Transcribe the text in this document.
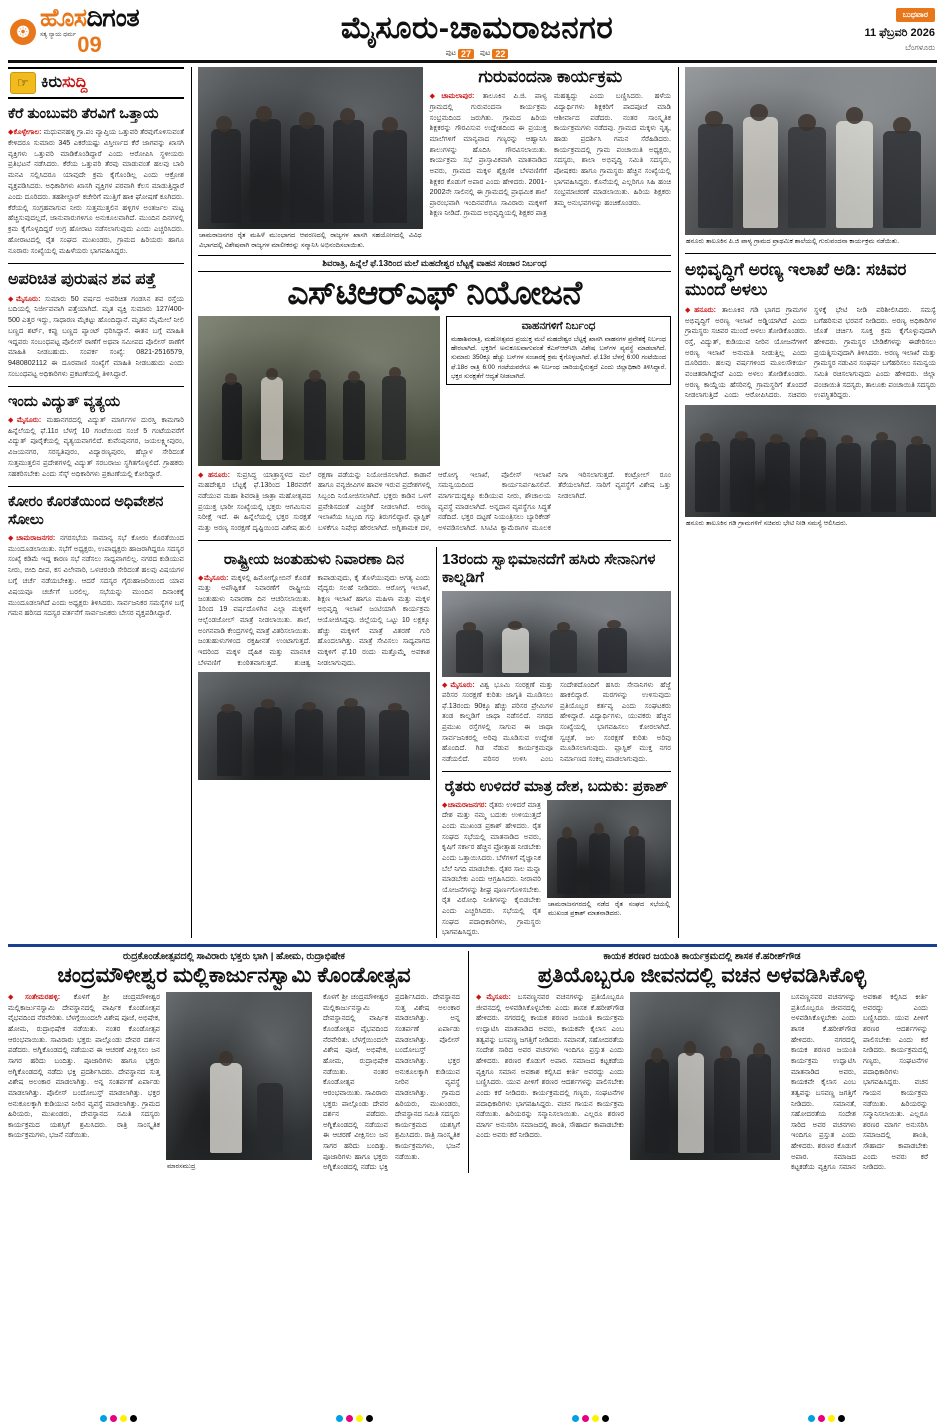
❂
ಹೊಸದಿಗಂತ
ಸತ್ಯ ನ್ಯಾಯ ಧರ್ಮ 09	ಮೈಸೂರು-ಚಾಮರಾಜನಗರ
ಪುಟ 27	ಪುಟ 22
ಬುಧವಾರ
11 ಫೆಬ್ರವರಿ 2026
ಬೆಂಗಳೂರು
☞ ಕಿರುಸುದ್ದಿ
ಕೆರೆ ತುಂಬುವರಿ ತೆರವಿಗೆ ಒತ್ತಾಯ
◆ಕೊಳ್ಳೇಗಾಲ: ಮಧುವನಹಳ್ಳಿ ಗ್ರಾ.ಪಂ ವ್ಯಾಪ್ತಿಯ ಒತ್ತುವರಿ ತೆರವುಗೊಳಿಸುವಂತೆ ಕೇಳಿದರೂ ಸುಮಾರು 345 ಎಕರೆಯಷ್ಟು ವಿಸ್ತೀರ್ಣದ ಕೆರೆ ಜಾಗವನ್ನು ಖಾಸಗಿ ವ್ಯಕ್ತಿಗಳು ಒತ್ತುವರಿ ಮಾಡಿಕೊಂಡಿದ್ದಾರೆ ಎಂದು ಆರೋಪಿಸಿ ಸ್ಥಳೀಯರು ಪ್ರತಿಭಟನೆ ನಡೆಸಿದರು. ಕೆರೆಯ ಒತ್ತುವರಿ ತೆರವು ಮಾಡುವಂತೆ ಹಲವು ಬಾರಿ ಮನವಿ ಸಲ್ಲಿಸಿದರೂ ಯಾವುದೇ ಕ್ರಮ ಕೈಗೊಂಡಿಲ್ಲ ಎಂದು ಆಕ್ರೋಶ ವ್ಯಕ್ತಪಡಿಸಿದರು. ಅಧಿಕಾರಿಗಳು ಖಾಸಗಿ ವ್ಯಕ್ತಿಗಳ ಪರವಾಗಿ ಕೆಲಸ ಮಾಡುತ್ತಿದ್ದಾರೆ ಎಂದು ದೂರಿದರು. ತಹಶೀಲ್ದಾರ್ ಕಚೇರಿಗೆ ಮುತ್ತಿಗೆ ಹಾಕಿ ಘೋಷಣೆ ಕೂಗಿದರು. ಕೆರೆಯಲ್ಲಿ ಸಂಗ್ರಹವಾಗುವ ನೀರು ಸುತ್ತಮುತ್ತಲಿನ ಹಳ್ಳಿಗಳ ಅಂತರ್ಜಲ ಮಟ್ಟ ಹೆಚ್ಚಿಸುವುದಲ್ಲದೆ, ಜಾನುವಾರುಗಳಿಗೂ ಅನುಕೂಲವಾಗಿದೆ. ಮುಂದಿನ ದಿನಗಳಲ್ಲಿ ಕ್ರಮ ಕೈಗೊಳ್ಳದಿದ್ದರೆ ಉಗ್ರ ಹೋರಾಟ ನಡೆಸಲಾಗುವುದು ಎಂದು ಎಚ್ಚರಿಸಿದರು. ಹೋರಾಟದಲ್ಲಿ ರೈತ ಸಂಘದ ಮುಖಂಡರು, ಗ್ರಾಮದ ಹಿರಿಯರು ಹಾಗೂ ನೂರಾರು ಸಂಖ್ಯೆಯಲ್ಲಿ ಮಹಿಳೆಯರು ಭಾಗವಹಿಸಿದ್ದರು.
ಅಪರಿಚಿತ ಪುರುಷನ ಶವ ಪತ್ತೆ
◆ಮೈಸೂರು: ಸುಮಾರು 50 ವರ್ಷದ ಅಪರಿಚಿತ ಗಂಡಸಿನ ಶವ ರಸ್ತೆಯ ಬದಿಯಲ್ಲಿ ನಿರ್ಜೀವವಾಗಿ ಪತ್ತೆಯಾಗಿದೆ. ಮೃತ ವ್ಯಕ್ತಿ ಸುಮಾರು 127/400-500 ಎತ್ತರ ಇದ್ದು, ಸಾಧಾರಣ ಮೈಕಟ್ಟು ಹೊಂದಿದ್ದಾನೆ. ಮೃತನ ಮೈಮೇಲೆ ನೀಲಿ ಬಣ್ಣದ ಶರ್ಟ್, ಕಪ್ಪು ಬಣ್ಣದ ಪ್ಯಾಂಟ್ ಧರಿಸಿದ್ದಾನೆ. ಈತನ ಬಗ್ಗೆ ಮಾಹಿತಿ ಇದ್ದವರು ಸಂಬಂಧಪಟ್ಟ ಪೊಲೀಸ್ ಠಾಣೆಗೆ ಅಥವಾ ಸಮೀಪದ ಪೊಲೀಸ್ ಠಾಣೆಗೆ ಮಾಹಿತಿ ನೀಡಬಹುದು. ಸಂಪರ್ಕ ಸಂಖ್ಯೆ: 0821-2516579, 9480802112 ಈ ದೂರವಾಣಿ ಸಂಖ್ಯೆಗೆ ಮಾಹಿತಿ ನೀಡಬಹುದು ಎಂದು ಸಂಬಂಧಪಟ್ಟ ಅಧಿಕಾರಿಗಳು ಪ್ರಕಟಣೆಯಲ್ಲಿ ತಿಳಿಸಿದ್ದಾರೆ.
ಇಂದು ವಿದ್ಯುತ್ ವ್ಯತ್ಯಯ
◆ಮೈಸೂರು: ಮಹಾನಗರದಲ್ಲಿ ವಿದ್ಯುತ್ ಮಾರ್ಗಗಳ ದುರಸ್ತಿ ಕಾಮಗಾರಿ ಹಿನ್ನೆಲೆಯಲ್ಲಿ ಫೆ.11ರ ಬೆಳಗ್ಗೆ 10 ಗಂಟೆಯಿಂದ ಸಂಜೆ 5 ಗಂಟೆಯವರೆಗೆ ವಿದ್ಯುತ್ ಪೂರೈಕೆಯಲ್ಲಿ ವ್ಯತ್ಯಯವಾಗಲಿದೆ. ಕುವೆಂಪುನಗರ, ಜಯಲಕ್ಷ್ಮೀಪುರಂ, ವಿಜಯನಗರ, ಸರಸ್ವತಿಪುರಂ, ವಿದ್ಯಾರಣ್ಯಪುರಂ, ಹೆಬ್ಬಾಳ ಸೇರಿದಂತೆ ಸುತ್ತಮುತ್ತಲಿನ ಪ್ರದೇಶಗಳಲ್ಲಿ ವಿದ್ಯುತ್ ಸರಬರಾಜು ಸ್ಥಗಿತಗೊಳ್ಳಲಿದೆ. ಗ್ರಾಹಕರು ಸಹಕರಿಸಬೇಕು ಎಂದು ಸೆಸ್ಕ್ ಅಧಿಕಾರಿಗಳು ಪ್ರಕಟಣೆಯಲ್ಲಿ ಕೋರಿದ್ದಾರೆ.
ಕೋರಂ ಕೊರತೆಯಿಂದ ಅಧಿವೇಶನ ಸೋಲು
◆ಚಾಮರಾಜನಗರ: ನಗರಸಭೆಯ ಸಾಮಾನ್ಯ ಸಭೆ ಕೋರಂ ಕೊರತೆಯಿಂದ ಮುಂದೂಡಲಾಯಿತು. ಸಭೆಗೆ ಅಧ್ಯಕ್ಷರು, ಉಪಾಧ್ಯಕ್ಷರು ಹಾಜರಾಗಿದ್ದರೂ ಸದಸ್ಯರ ಸಂಖ್ಯೆ ಕಡಿಮೆ ಇದ್ದ ಕಾರಣ ಸಭೆ ನಡೆಸಲು ಸಾಧ್ಯವಾಗಲಿಲ್ಲ. ನಗರದ ಕುಡಿಯುವ ನೀರು, ಬೀದಿ ದೀಪ, ಕಸ ವಿಲೇವಾರಿ, ಒಳಚರಂಡಿ ಸೇರಿದಂತೆ ಹಲವು ವಿಷಯಗಳ ಬಗ್ಗೆ ಚರ್ಚೆ ನಡೆಯಬೇಕಿತ್ತು. ಆದರೆ ಸದಸ್ಯರ ಗೈರುಹಾಜರಿಯಿಂದ ಯಾವ ವಿಷಯವೂ ಚರ್ಚೆಗೆ ಬರಲಿಲ್ಲ. ಸಭೆಯನ್ನು ಮುಂದಿನ ದಿನಾಂಕಕ್ಕೆ ಮುಂದೂಡಲಾಗಿದೆ ಎಂದು ಅಧ್ಯಕ್ಷರು ತಿಳಿಸಿದರು. ಸಾರ್ವಜನಿಕರ ಸಮಸ್ಯೆಗಳ ಬಗ್ಗೆ ಗಮನ ಹರಿಸದ ಸದಸ್ಯರ ವರ್ತನೆಗೆ ಸಾರ್ವಜನಿಕರು ಬೇಸರ ವ್ಯಕ್ತಪಡಿಸಿದ್ದಾರೆ.
ಚಾಮರಾಜನಗರ ರೈತ ಮಹಿಳೆ ಮುಂಭಾಗದ ಆವರಣದಲ್ಲಿ ರಾಜ್ಯಗಳ ಖಾಸಗಿ ಸಹಯೋಗದಲ್ಲಿ ವಿವಿಧ ವಿಭಾಗದಲ್ಲಿ ವಿಶೇಷವಾಗಿ ರಾಜ್ಯಗಳ ಮಾಲೀಕರನ್ನು ಸನ್ಮಾನಿಸಿ ಅಭಿನಂದಿಸಲಾಯಿತು.
ಗುರುವಂದನಾ ಕಾರ್ಯಕ್ರಮ
◆ಚಾಮಲಾಪುರ: ತಾಲೂಕಿನ ಪಿ.ಜಿ. ಪಾಳ್ಯ ಗ್ರಾಮದಲ್ಲಿ ಗುರುವಂದನಾ ಕಾರ್ಯಕ್ರಮ ಸಂಭ್ರಮದಿಂದ ಜರುಗಿತು. ಗ್ರಾಮದ ಹಿರಿಯ ಶಿಕ್ಷಕರನ್ನು ಗೌರವಿಸುವ ಉದ್ದೇಶದಿಂದ ಈ ಪ್ರಯುಕ್ತ ಮಾಲೆಗಳಿಗೆ ಮಾನ್ಯವಾದ ಗಣ್ಯರನ್ನು ಆಹ್ವಾನಿಸಿ ಶಾಲುಗಳನ್ನು ಹೊದಿಸಿ ಗೌರವಿಸಲಾಯಿತು. ಕಾರ್ಯಕ್ರಮ ಸಭೆ ಪ್ರಾಸ್ತಾವಿಕವಾಗಿ ಮಾತನಾಡಿದ ಅವರು, ಗ್ರಾಮದ ಮಕ್ಕಳ ಶೈಕ್ಷಣಿಕ ಬೆಳವಣಿಗೆಗೆ ಶಿಕ್ಷಕರ ಕೊಡುಗೆ ಅಪಾರ ಎಂದು ಹೇಳಿದರು. 2001-2002ನೇ ಸಾಲಿನಲ್ಲಿ ಈ ಗ್ರಾಮದಲ್ಲಿ ಪ್ರಾಥಮಿಕ ಶಾಲೆ ಪ್ರಾರಂಭವಾಗಿ ಇಂದಿನವರೆಗೂ ಸಾವಿರಾರು ಮಕ್ಕಳಿಗೆ ಶಿಕ್ಷಣ ನೀಡಿದೆ. ಗ್ರಾಮದ ಅಭಿವೃದ್ಧಿಯಲ್ಲಿ ಶಿಕ್ಷಕರ ಪಾತ್ರ ಮಹತ್ವದ್ದು ಎಂದು ಬಣ್ಣಿಸಿದರು. ಹಳೆಯ ವಿದ್ಯಾರ್ಥಿಗಳು ಶಿಕ್ಷಕರಿಗೆ ಪಾದಪೂಜೆ ಮಾಡಿ ಆಶೀರ್ವಾದ ಪಡೆದರು. ನಂತರ ಸಾಂಸ್ಕೃತಿಕ ಕಾರ್ಯಕ್ರಮಗಳು ನಡೆದವು. ಗ್ರಾಮದ ಮಕ್ಕಳು ನೃತ್ಯ, ಹಾಡು ಪ್ರದರ್ಶಿಸಿ ಗಮನ ಸೆರೆಹಿಡಿದರು. ಕಾರ್ಯಕ್ರಮದಲ್ಲಿ ಗ್ರಾಮ ಪಂಚಾಯಿತಿ ಅಧ್ಯಕ್ಷರು, ಸದಸ್ಯರು, ಶಾಲಾ ಅಭಿವೃದ್ಧಿ ಸಮಿತಿ ಸದಸ್ಯರು, ಪೋಷಕರು ಹಾಗೂ ಗ್ರಾಮಸ್ಥರು ಹೆಚ್ಚಿನ ಸಂಖ್ಯೆಯಲ್ಲಿ ಭಾಗವಹಿಸಿದ್ದರು. ಕೊನೆಯಲ್ಲಿ ಎಲ್ಲರಿಗೂ ಸಿಹಿ ಹಂಚಿ ಸಂಭ್ರಮಾಚರಣೆ ಮಾಡಲಾಯಿತು. ಹಿರಿಯ ಶಿಕ್ಷಕರು ತಮ್ಮ ಅನುಭವಗಳನ್ನು ಹಂಚಿಕೊಂಡರು.
ಶಿವರಾತ್ರಿ, ಹಿನ್ನೆಲೆ ಫೆ.13ರಿಂದ ಮಲೆ ಮಹದೇಶ್ವರ ಬೆಟ್ಟಕ್ಕೆ ವಾಹನ ಸಂಚಾರ ನಿರ್ಬಂಧ
ಎಸ್‌ಟಿಆರ್‌ಎಫ್ ನಿಯೋಜನೆ
ವಾಹನಗಳಿಗೆ ನಿರ್ಬಂಧ
ಮಹಾಶಿವರಾತ್ರಿ, ಮಹೋತ್ಸವದ ಪ್ರಯುಕ್ತ ಮಲೆ ಮಹದೇಶ್ವರ ಬೆಟ್ಟಕ್ಕೆ ಖಾಸಗಿ ವಾಹನಗಳ ಪ್ರವೇಶಕ್ಕೆ ನಿರ್ಬಂಧ ಹೇರಲಾಗಿದೆ. ಭಕ್ತರಿಗೆ ಅನುಕೂಲವಾಗುವಂತೆ ಕೆಎಸ್‌ಆರ್‌ಟಿಸಿ ವಿಶೇಷ ಬಸ್‌ಗಳ ವ್ಯವಸ್ಥೆ ಮಾಡಲಾಗಿದೆ. ಸುಮಾರು 350ಕ್ಕೂ ಹೆಚ್ಚು ಬಸ್‌ಗಳ ಸಂಚಾರಕ್ಕೆ ಕ್ರಮ ಕೈಗೊಳ್ಳಲಾಗಿದೆ. ಫೆ.13ರ ಬೆಳಗ್ಗೆ 6:00 ಗಂಟೆಯಿಂದ ಫೆ.18ರ ರಾತ್ರಿ 6:00 ಗಂಟೆಯವರೆಗೂ ಈ ನಿರ್ಬಂಧ ಜಾರಿಯಲ್ಲಿರುತ್ತದೆ ಎಂದು ಜಿಲ್ಲಾಧಿಕಾರಿ ತಿಳಿಸಿದ್ದಾರೆ. ಭಕ್ತರ ಸುರಕ್ಷತೆಗೆ ಆದ್ಯತೆ ನೀಡಲಾಗಿದೆ.
◆ಹನೂರು: ಸುಪ್ರಸಿದ್ಧ ಯಾತ್ರಾಸ್ಥಳದ ಮಲೆ ಮಹದೇಶ್ವರ ಬೆಟ್ಟಕ್ಕೆ ಫೆ.13ರಿಂದ 18ರವರೆಗೆ ನಡೆಯುವ ಮಹಾ ಶಿವರಾತ್ರಿ ಜಾತ್ರಾ ಮಹೋತ್ಸವದ ಪ್ರಯುಕ್ತ ಭಾರೀ ಸಂಖ್ಯೆಯಲ್ಲಿ ಭಕ್ತರು ಆಗಮಿಸುವ ನಿರೀಕ್ಷೆ ಇದೆ. ಈ ಹಿನ್ನೆಲೆಯಲ್ಲಿ ಭಕ್ತರ ಸುರಕ್ಷತೆ ಮತ್ತು ಅರಣ್ಯ ಸಂರಕ್ಷಣೆ ದೃಷ್ಟಿಯಿಂದ ವಿಶೇಷ ಹುಲಿ ರಕ್ಷಣಾ ಪಡೆಯನ್ನು ನಿಯೋಜಿಸಲಾಗಿದೆ. ಕಾಡಾನೆ ಹಾಗೂ ವನ್ಯಜೀವಿಗಳ ಹಾವಳಿ ಇರುವ ಪ್ರದೇಶಗಳಲ್ಲಿ ಸಿಬ್ಬಂದಿ ನಿಯೋಜಿಸಲಾಗಿದೆ. ಭಕ್ತರು ಕಾಡಿನ ಒಳಗೆ ಪ್ರವೇಶಿಸದಂತೆ ಎಚ್ಚರಿಕೆ ನೀಡಲಾಗಿದೆ. ಅರಣ್ಯ ಇಲಾಖೆಯ ಸಿಬ್ಬಂದಿ ಗಸ್ತು ತಿರುಗಲಿದ್ದಾರೆ. ಪ್ಲಾಸ್ಟಿಕ್ ಬಳಕೆಗೂ ನಿಷೇಧ ಹೇರಲಾಗಿದೆ. ಅಗ್ನಿಶಾಮಕ ದಳ, ಆರೋಗ್ಯ ಇಲಾಖೆ, ಪೊಲೀಸ್ ಇಲಾಖೆ ಸಮನ್ವಯದಿಂದ ಕಾರ್ಯನಿರ್ವಹಿಸಲಿವೆ. ಮಾರ್ಗದುದ್ದಕ್ಕೂ ಕುಡಿಯುವ ನೀರು, ಶೌಚಾಲಯ ವ್ಯವಸ್ಥೆ ಮಾಡಲಾಗಿದೆ. ಅನ್ನದಾನ ವ್ಯವಸ್ಥೆಗೂ ಸಿದ್ಧತೆ ನಡೆದಿದೆ. ಭಕ್ತರ ದಟ್ಟಣೆ ನಿಯಂತ್ರಿಸಲು ಬ್ಯಾರಿಕೇಡ್ ಅಳವಡಿಸಲಾಗಿದೆ. ಸಿಸಿಟಿವಿ ಕ್ಯಾಮೆರಾಗಳ ಮೂಲಕ ನಿಗಾ ಇರಿಸಲಾಗುತ್ತದೆ. ಕಂಟ್ರೋಲ್ ರೂಂ ತೆರೆಯಲಾಗಿದೆ. ಸಾರಿಗೆ ವ್ಯವಸ್ಥೆಗೆ ವಿಶೇಷ ಒತ್ತು ನೀಡಲಾಗಿದೆ.
ರಾಷ್ಟ್ರೀಯ ಜಂತುಹುಳು ನಿವಾರಣಾ ದಿನ
◆ಮೈಸೂರು: ಮಕ್ಕಳಲ್ಲಿ ಹಿಮೋಗ್ಲೋಬಿನ್ ಕೊರತೆ ಮತ್ತು ಅಪೌಷ್ಟಿಕತೆ ನಿವಾರಣೆಗೆ ರಾಷ್ಟ್ರೀಯ ಜಂತುಹುಳು ನಿವಾರಣಾ ದಿನ ಆಚರಿಸಲಾಯಿತು. 1ರಿಂದ 19 ವರ್ಷದೊಳಗಿನ ಎಲ್ಲಾ ಮಕ್ಕಳಿಗೆ ಆಲ್ಬೆಂಡಜೋಲ್ ಮಾತ್ರೆ ನೀಡಲಾಯಿತು. ಶಾಲೆ, ಅಂಗನವಾಡಿ ಕೇಂದ್ರಗಳಲ್ಲಿ ಮಾತ್ರೆ ವಿತರಿಸಲಾಯಿತು. ಜಂತುಹುಳುಗಳಿಂದ ರಕ್ತಹೀನತೆ ಉಂಟಾಗುತ್ತದೆ. ಇದರಿಂದ ಮಕ್ಕಳ ದೈಹಿಕ ಮತ್ತು ಮಾನಸಿಕ ಬೆಳವಣಿಗೆ ಕುಂಠಿತವಾಗುತ್ತದೆ. ಶುಚಿತ್ವ ಕಾಪಾಡುವುದು, ಕೈ ತೊಳೆಯುವುದು ಅಗತ್ಯ ಎಂದು ವೈದ್ಯರು ಸಲಹೆ ನೀಡಿದರು. ಆರೋಗ್ಯ ಇಲಾಖೆ, ಶಿಕ್ಷಣ ಇಲಾಖೆ ಹಾಗೂ ಮಹಿಳಾ ಮತ್ತು ಮಕ್ಕಳ ಅಭಿವೃದ್ಧಿ ಇಲಾಖೆ ಜಂಟಿಯಾಗಿ ಕಾರ್ಯಕ್ರಮ ಆಯೋಜಿಸಿದ್ದವು. ಜಿಲ್ಲೆಯಲ್ಲಿ ಒಟ್ಟು 10 ಲಕ್ಷಕ್ಕೂ ಹೆಚ್ಚು ಮಕ್ಕಳಿಗೆ ಮಾತ್ರೆ ವಿತರಣೆ ಗುರಿ ಹೊಂದಲಾಗಿತ್ತು. ಮಾತ್ರೆ ಸೇವಿಸಲು ಸಾಧ್ಯವಾಗದ ಮಕ್ಕಳಿಗೆ ಫೆ.10 ರಂದು ಮತ್ತೊಮ್ಮೆ ಅವಕಾಶ ನೀಡಲಾಗುವುದು.
13ರಂದು ಸ್ವಾಭಿಮಾನದೆಗೆ ಹಸಿರು ಸೇನಾನಿಗಳ ಕಾಲ್ನಡಿಗೆ
◆ಮೈಸೂರು: ವಿಶ್ವ ಭೂಮಿ ಸಂರಕ್ಷಣೆ ಮತ್ತು ಪರಿಸರ ಸಂರಕ್ಷಣೆ ಕುರಿತು ಜಾಗೃತಿ ಮೂಡಿಸಲು ಫೆ.13ರಂದು 90ಕ್ಕೂ ಹೆಚ್ಚು ಪರಿಸರ ಪ್ರೇಮಿಗಳ ತಂಡ ಕಾಲ್ನಡಿಗೆ ಜಾಥಾ ನಡೆಸಲಿದೆ. ನಗರದ ಪ್ರಮುಖ ರಸ್ತೆಗಳಲ್ಲಿ ಸಾಗುವ ಈ ಜಾಥಾ ಸಾರ್ವಜನಿಕರಲ್ಲಿ ಅರಿವು ಮೂಡಿಸುವ ಉದ್ದೇಶ ಹೊಂದಿದೆ. ಗಿಡ ನೆಡುವ ಕಾರ್ಯಕ್ರಮವೂ ನಡೆಯಲಿದೆ. ಪರಿಸರ ಉಳಿಸಿ ಎಂಬ ಸಂದೇಶದೊಂದಿಗೆ ಹಸಿರು ಸೇನಾನಿಗಳು ಹೆಜ್ಜೆ ಹಾಕಲಿದ್ದಾರೆ. ಮರಗಳನ್ನು ಉಳಿಸುವುದು ಪ್ರತಿಯೊಬ್ಬರ ಕರ್ತವ್ಯ ಎಂದು ಸಂಘಟಕರು ಹೇಳಿದ್ದಾರೆ. ವಿದ್ಯಾರ್ಥಿಗಳು, ಯುವಕರು ಹೆಚ್ಚಿನ ಸಂಖ್ಯೆಯಲ್ಲಿ ಭಾಗವಹಿಸಲು ಕೋರಲಾಗಿದೆ. ಸ್ವಚ್ಛತೆ, ಜಲ ಸಂರಕ್ಷಣೆ ಕುರಿತು ಅರಿವು ಮೂಡಿಸಲಾಗುವುದು. ಪ್ಲಾಸ್ಟಿಕ್ ಮುಕ್ತ ನಗರ ನಿರ್ಮಾಣದ ಸಂಕಲ್ಪ ಮಾಡಲಾಗುವುದು.
ರೈತರು ಉಳಿದರೆ ಮಾತ್ರ ದೇಶ, ಬದುಕು: ಪ್ರಕಾಶ್
◆ಚಾಮರಾಜನಗರ: ರೈತರು ಉಳಿದರೆ ಮಾತ್ರ ದೇಶ ಮತ್ತು ನಮ್ಮ ಬದುಕು ಉಳಿಯುತ್ತದೆ ಎಂದು ಮುಖಂಡ ಪ್ರಕಾಶ್ ಹೇಳಿದರು. ರೈತ ಸಂಘದ ಸಭೆಯಲ್ಲಿ ಮಾತನಾಡಿದ ಅವರು, ಕೃಷಿಗೆ ಸರ್ಕಾರ ಹೆಚ್ಚಿನ ಪ್ರೋತ್ಸಾಹ ನೀಡಬೇಕು ಎಂದು ಒತ್ತಾಯಿಸಿದರು. ಬೆಳೆಗಳಿಗೆ ವೈಜ್ಞಾನಿಕ ಬೆಲೆ ನಿಗದಿ ಮಾಡಬೇಕು. ರೈತರ ಸಾಲ ಮನ್ನಾ ಮಾಡಬೇಕು ಎಂದು ಆಗ್ರಹಿಸಿದರು. ನೀರಾವರಿ ಯೋಜನೆಗಳನ್ನು ಶೀಘ್ರ ಪೂರ್ಣಗೊಳಿಸಬೇಕು. ರೈತ ವಿರೋಧಿ ನೀತಿಗಳನ್ನು ಕೈಬಿಡಬೇಕು ಎಂದು ಎಚ್ಚರಿಸಿದರು. ಸಭೆಯಲ್ಲಿ ರೈತ ಸಂಘದ ಪದಾಧಿಕಾರಿಗಳು, ಗ್ರಾಮಸ್ಥರು ಭಾಗವಹಿಸಿದ್ದರು.
ಚಾಮರಾಜನಗರದಲ್ಲಿ ನಡೆದ ರೈತ ಸಂಘದ ಸಭೆಯಲ್ಲಿ ಮುಖಂಡ ಪ್ರಕಾಶ್ ಮಾತನಾಡಿದರು.
ಹನೂರು ತಾಲೂಕಿನ ಪಿ.ಜಿ ಪಾಳ್ಯ ಗ್ರಾಮದ ಪ್ರಾಥಮಿಕ ಶಾಲೆಯಲ್ಲಿ ಗುರುವಂದನಾ ಕಾರ್ಯಕ್ರಮ ನಡೆಯಿತು.
ಅಭಿವೃದ್ಧಿಗೆ ಅರಣ್ಯ ಇಲಾಖೆ ಅಡಿ: ಸಚಿವರ ಮುಂದೆ ಅಳಲು
◆ಹನೂರು: ತಾಲೂಕಿನ ಗಡಿ ಭಾಗದ ಗ್ರಾಮಗಳ ಅಭಿವೃದ್ಧಿಗೆ ಅರಣ್ಯ ಇಲಾಖೆ ಅಡ್ಡಿಯಾಗಿದೆ ಎಂದು ಗ್ರಾಮಸ್ಥರು ಸಚಿವರ ಮುಂದೆ ಅಳಲು ತೋಡಿಕೊಂಡರು. ರಸ್ತೆ, ವಿದ್ಯುತ್, ಕುಡಿಯುವ ನೀರಿನ ಯೋಜನೆಗಳಿಗೆ ಅರಣ್ಯ ಇಲಾಖೆ ಅನುಮತಿ ನೀಡುತ್ತಿಲ್ಲ ಎಂದು ದೂರಿದರು. ಹಲವು ವರ್ಷಗಳಿಂದ ಮೂಲಸೌಕರ್ಯ ವಂಚಿತರಾಗಿದ್ದೇವೆ ಎಂದು ಅಳಲು ತೋಡಿಕೊಂಡರು. ಅರಣ್ಯ ಕಾಯ್ದೆಯ ಹೆಸರಿನಲ್ಲಿ ಗ್ರಾಮಸ್ಥರಿಗೆ ತೊಂದರೆ ನೀಡಲಾಗುತ್ತಿದೆ ಎಂದು ಆರೋಪಿಸಿದರು. ಸಚಿವರು ಸ್ಥಳಕ್ಕೆ ಭೇಟಿ ನೀಡಿ ಪರಿಶೀಲಿಸಿದರು. ಸಮಸ್ಯೆ ಬಗೆಹರಿಸುವ ಭರವಸೆ ನೀಡಿದರು. ಅರಣ್ಯ ಅಧಿಕಾರಿಗಳ ಜೊತೆ ಚರ್ಚಿಸಿ ಸೂಕ್ತ ಕ್ರಮ ಕೈಗೊಳ್ಳುವುದಾಗಿ ಹೇಳಿದರು. ಗ್ರಾಮಸ್ಥರ ಬೇಡಿಕೆಗಳನ್ನು ಈಡೇರಿಸಲು ಪ್ರಯತ್ನಿಸುವುದಾಗಿ ತಿಳಿಸಿದರು. ಅರಣ್ಯ ಇಲಾಖೆ ಮತ್ತು ಗ್ರಾಮಸ್ಥರ ನಡುವಿನ ಸಂಘರ್ಷ ಬಗೆಹರಿಸಲು ಸಮನ್ವಯ ಸಮಿತಿ ರಚಿಸಲಾಗುವುದು ಎಂದು ಹೇಳಿದರು. ಜಿಲ್ಲಾ ಪಂಚಾಯಿತಿ ಸದಸ್ಯರು, ತಾಲೂಕು ಪಂಚಾಯಿತಿ ಸದಸ್ಯರು ಉಪಸ್ಥಿತರಿದ್ದರು.
ಹನೂರು ತಾಲೂಕಿನ ಗಡಿ ಗ್ರಾಮಗಳಿಗೆ ಸಚಿವರು ಭೇಟಿ ನೀಡಿ ಸಮಸ್ಯೆ ಆಲಿಸಿದರು.
ರುದ್ರಕೊಂಡೋತ್ಸವದಲ್ಲಿ ಸಾವಿರಾರು ಭಕ್ತರು ಭಾಗಿ | ಹೋಮ, ರುದ್ರಾಭಿಷೇಕ
ಚಂದ್ರಮೌಳೀಶ್ವರ ಮಲ್ಲಿಕಾರ್ಜುನಸ್ವಾಮಿ ಕೊಂಡೋತ್ಸವ
◆ಸಂತೇಮರಹಳ್ಳಿ: ಕೊಳಗೆ ಶ್ರೀ ಚಂದ್ರಮೌಳೀಶ್ವರ ಮಲ್ಲಿಕಾರ್ಜುನಸ್ವಾಮಿ ದೇವಸ್ಥಾನದಲ್ಲಿ ವಾರ್ಷಿಕ ಕೊಂಡೋತ್ಸವ ವೈಭವದಿಂದ ನೆರವೇರಿತು. ಬೆಳಗ್ಗೆಯಿಂದಲೇ ವಿಶೇಷ ಪೂಜೆ, ಅಭಿಷೇಕ, ಹೋಮ, ರುದ್ರಾಭಿಷೇಕ ನಡೆಯಿತು. ನಂತರ ಕೊಂಡೋತ್ಸವ ಆರಂಭವಾಯಿತು. ಸಾವಿರಾರು ಭಕ್ತರು ಪಾಲ್ಗೊಂಡು ದೇವರ ದರ್ಶನ ಪಡೆದರು. ಅಗ್ನಿಕೊಂಡದಲ್ಲಿ ನಡೆಯುವ ಈ ಆಚರಣೆ ವೀಕ್ಷಿಸಲು ಜನ ಸಾಗರ ಹರಿದು ಬಂದಿತ್ತು. ಪೂಜಾರಿಗಳು ಹಾಗೂ ಭಕ್ತರು ಅಗ್ನಿಕೊಂಡದಲ್ಲಿ ನಡೆದು ಭಕ್ತಿ ಪ್ರದರ್ಶಿಸಿದರು. ದೇವಸ್ಥಾನದ ಸುತ್ತ ವಿಶೇಷ ಅಲಂಕಾರ ಮಾಡಲಾಗಿತ್ತು. ಅನ್ನ ಸಂತರ್ಪಣೆ ಏರ್ಪಾಡು ಮಾಡಲಾಗಿತ್ತು. ಪೊಲೀಸ್ ಬಂದೋಬಸ್ತ್ ಮಾಡಲಾಗಿತ್ತು. ಭಕ್ತರ ಅನುಕೂಲಕ್ಕಾಗಿ ಕುಡಿಯುವ ನೀರಿನ ವ್ಯವಸ್ಥೆ ಮಾಡಲಾಗಿತ್ತು. ಗ್ರಾಮದ ಹಿರಿಯರು, ಮುಖಂಡರು, ದೇವಸ್ಥಾನದ ಸಮಿತಿ ಸದಸ್ಯರು ಕಾರ್ಯಕ್ರಮದ ಯಶಸ್ಸಿಗೆ ಶ್ರಮಿಸಿದರು. ರಾತ್ರಿ ಸಾಂಸ್ಕೃತಿಕ ಕಾರ್ಯಕ್ರಮಗಳು, ಭಜನೆ ನಡೆಯಿತು.
ಮಾರಸಮುದ್ರ
ಕೊಳಗೆ ಶ್ರೀ ಚಂದ್ರಮೌಳೀಶ್ವರ ಮಲ್ಲಿಕಾರ್ಜುನಸ್ವಾಮಿ ದೇವಸ್ಥಾನದಲ್ಲಿ ವಾರ್ಷಿಕ ಕೊಂಡೋತ್ಸವ ವೈಭವದಿಂದ ನೆರವೇರಿತು. ಬೆಳಗ್ಗೆಯಿಂದಲೇ ವಿಶೇಷ ಪೂಜೆ, ಅಭಿಷೇಕ, ಹೋಮ, ರುದ್ರಾಭಿಷೇಕ ನಡೆಯಿತು. ನಂತರ ಕೊಂಡೋತ್ಸವ ಆರಂಭವಾಯಿತು. ಸಾವಿರಾರು ಭಕ್ತರು ಪಾಲ್ಗೊಂಡು ದೇವರ ದರ್ಶನ ಪಡೆದರು. ಅಗ್ನಿಕೊಂಡದಲ್ಲಿ ನಡೆಯುವ ಈ ಆಚರಣೆ ವೀಕ್ಷಿಸಲು ಜನ ಸಾಗರ ಹರಿದು ಬಂದಿತ್ತು. ಪೂಜಾರಿಗಳು ಹಾಗೂ ಭಕ್ತರು ಅಗ್ನಿಕೊಂಡದಲ್ಲಿ ನಡೆದು ಭಕ್ತಿ ಪ್ರದರ್ಶಿಸಿದರು. ದೇವಸ್ಥಾನದ ಸುತ್ತ ವಿಶೇಷ ಅಲಂಕಾರ ಮಾಡಲಾಗಿತ್ತು. ಅನ್ನ ಸಂತರ್ಪಣೆ ಏರ್ಪಾಡು ಮಾಡಲಾಗಿತ್ತು. ಪೊಲೀಸ್ ಬಂದೋಬಸ್ತ್ ಮಾಡಲಾಗಿತ್ತು. ಭಕ್ತರ ಅನುಕೂಲಕ್ಕಾಗಿ ಕುಡಿಯುವ ನೀರಿನ ವ್ಯವಸ್ಥೆ ಮಾಡಲಾಗಿತ್ತು. ಗ್ರಾಮದ ಹಿರಿಯರು, ಮುಖಂಡರು, ದೇವಸ್ಥಾನದ ಸಮಿತಿ ಸದಸ್ಯರು ಕಾರ್ಯಕ್ರಮದ ಯಶಸ್ಸಿಗೆ ಶ್ರಮಿಸಿದರು. ರಾತ್ರಿ ಸಾಂಸ್ಕೃತಿಕ ಕಾರ್ಯಕ್ರಮಗಳು, ಭಜನೆ ನಡೆಯಿತು.
ಕಾಯಕ ಶರಣರ ಜಯಂತಿ ಕಾರ್ಯಕ್ರಮದಲ್ಲಿ ಶಾಸಕ ಕೆ.ಹರೀಶ್‌ಗೌಡ
ಪ್ರತಿಯೊಬ್ಬರೂ ಜೀವನದಲ್ಲಿ ವಚನ ಅಳವಡಿಸಿಕೊಳ್ಳಿ
◆ಮೈಸೂರು: ಬಸವಣ್ಣನವರ ವಚನಗಳನ್ನು ಪ್ರತಿಯೊಬ್ಬರೂ ಜೀವನದಲ್ಲಿ ಅಳವಡಿಸಿಕೊಳ್ಳಬೇಕು ಎಂದು ಶಾಸಕ ಕೆ.ಹರೀಶ್‌ಗೌಡ ಹೇಳಿದರು. ನಗರದಲ್ಲಿ ಕಾಯಕ ಶರಣರ ಜಯಂತಿ ಕಾರ್ಯಕ್ರಮ ಉದ್ಘಾಟಿಸಿ ಮಾತನಾಡಿದ ಅವರು, ಕಾಯಕವೇ ಕೈಲಾಸ ಎಂಬ ತತ್ವವನ್ನು ಬಸವಣ್ಣ ಜಗತ್ತಿಗೆ ನೀಡಿದರು. ಸಮಾನತೆ, ಸಹೋದರತೆಯ ಸಂದೇಶ ಸಾರಿದ ಅವರ ವಚನಗಳು ಇಂದಿಗೂ ಪ್ರಸ್ತುತ ಎಂದು ಹೇಳಿದರು. ಶರಣರ ಕೊಡುಗೆ ಅಪಾರ. ಸಮಾಜದ ಕಟ್ಟಕಡೆಯ ವ್ಯಕ್ತಿಗೂ ಸಮಾನ ಅವಕಾಶ ಕಲ್ಪಿಸಿದ ಕೀರ್ತಿ ಅವರದ್ದು ಎಂದು ಬಣ್ಣಿಸಿದರು. ಯುವ ಪೀಳಿಗೆ ಶರಣರ ಆದರ್ಶಗಳನ್ನು ಪಾಲಿಸಬೇಕು ಎಂದು ಕರೆ ನೀಡಿದರು. ಕಾರ್ಯಕ್ರಮದಲ್ಲಿ ಗಣ್ಯರು, ಸಂಘಟನೆಗಳ ಪದಾಧಿಕಾರಿಗಳು ಭಾಗವಹಿಸಿದ್ದರು. ವಚನ ಗಾಯನ ಕಾರ್ಯಕ್ರಮ ನಡೆಯಿತು. ಹಿರಿಯರನ್ನು ಸನ್ಮಾನಿಸಲಾಯಿತು. ಎಲ್ಲರೂ ಶರಣರ ಮಾರ್ಗ ಅನುಸರಿಸಿ ಸಮಾಜದಲ್ಲಿ ಶಾಂತಿ, ಸೌಹಾರ್ದ ಕಾಪಾಡಬೇಕು ಎಂದು ಅವರು ಕರೆ ನೀಡಿದರು.
ಬಸವಣ್ಣನವರ ವಚನಗಳನ್ನು ಪ್ರತಿಯೊಬ್ಬರೂ ಜೀವನದಲ್ಲಿ ಅಳವಡಿಸಿಕೊಳ್ಳಬೇಕು ಎಂದು ಶಾಸಕ ಕೆ.ಹರೀಶ್‌ಗೌಡ ಹೇಳಿದರು. ನಗರದಲ್ಲಿ ಕಾಯಕ ಶರಣರ ಜಯಂತಿ ಕಾರ್ಯಕ್ರಮ ಉದ್ಘಾಟಿಸಿ ಮಾತನಾಡಿದ ಅವರು, ಕಾಯಕವೇ ಕೈಲಾಸ ಎಂಬ ತತ್ವವನ್ನು ಬಸವಣ್ಣ ಜಗತ್ತಿಗೆ ನೀಡಿದರು. ಸಮಾನತೆ, ಸಹೋದರತೆಯ ಸಂದೇಶ ಸಾರಿದ ಅವರ ವಚನಗಳು ಇಂದಿಗೂ ಪ್ರಸ್ತುತ ಎಂದು ಹೇಳಿದರು. ಶರಣರ ಕೊಡುಗೆ ಅಪಾರ. ಸಮಾಜದ ಕಟ್ಟಕಡೆಯ ವ್ಯಕ್ತಿಗೂ ಸಮಾನ ಅವಕಾಶ ಕಲ್ಪಿಸಿದ ಕೀರ್ತಿ ಅವರದ್ದು ಎಂದು ಬಣ್ಣಿಸಿದರು. ಯುವ ಪೀಳಿಗೆ ಶರಣರ ಆದರ್ಶಗಳನ್ನು ಪಾಲಿಸಬೇಕು ಎಂದು ಕರೆ ನೀಡಿದರು. ಕಾರ್ಯಕ್ರಮದಲ್ಲಿ ಗಣ್ಯರು, ಸಂಘಟನೆಗಳ ಪದಾಧಿಕಾರಿಗಳು ಭಾಗವಹಿಸಿದ್ದರು. ವಚನ ಗಾಯನ ಕಾರ್ಯಕ್ರಮ ನಡೆಯಿತು. ಹಿರಿಯರನ್ನು ಸನ್ಮಾನಿಸಲಾಯಿತು. ಎಲ್ಲರೂ ಶರಣರ ಮಾರ್ಗ ಅನುಸರಿಸಿ ಸಮಾಜದಲ್ಲಿ ಶಾಂತಿ, ಸೌಹಾರ್ದ ಕಾಪಾಡಬೇಕು ಎಂದು ಅವರು ಕರೆ ನೀಡಿದರು.
